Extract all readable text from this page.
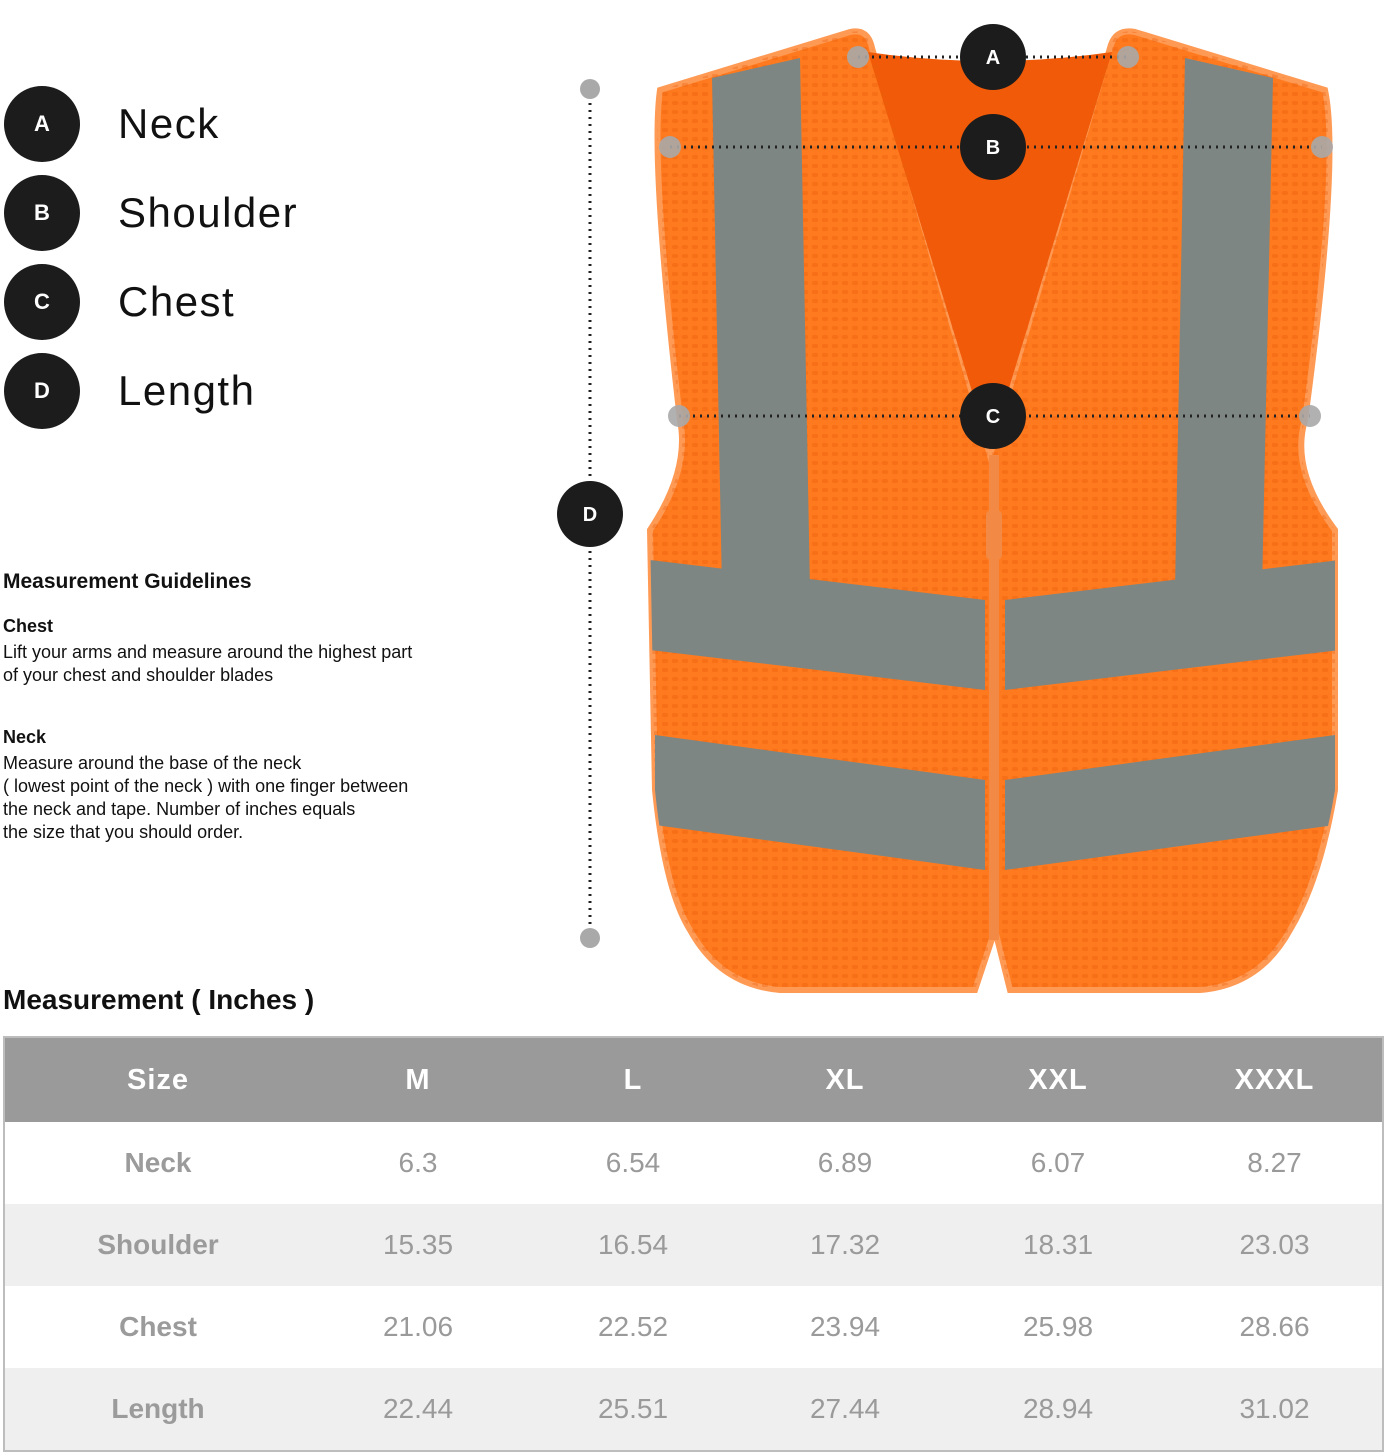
A	Neck
B	Shoulder
C	Chest
D	Length

Measurement Guidelines

Chest

Lift your arms and measure around the highest part
of your chest and shoulder blades

Neck

Measure around the base of the neck
( lowest point of the neck ) with one finger between
the neck and tape. Number of inches equals
the size that you should order.

A
B
C
D
Measurement ( Inches )
Size	M	L	XL	XXL	XXXL
Neck	6.3	6.54	6.89	6.07	8.27
Shoulder	15.35	16.54	17.32	18.31	23.03
Chest	21.06	22.52	23.94	25.98	28.66
Length	22.44	25.51	27.44	28.94	31.02
